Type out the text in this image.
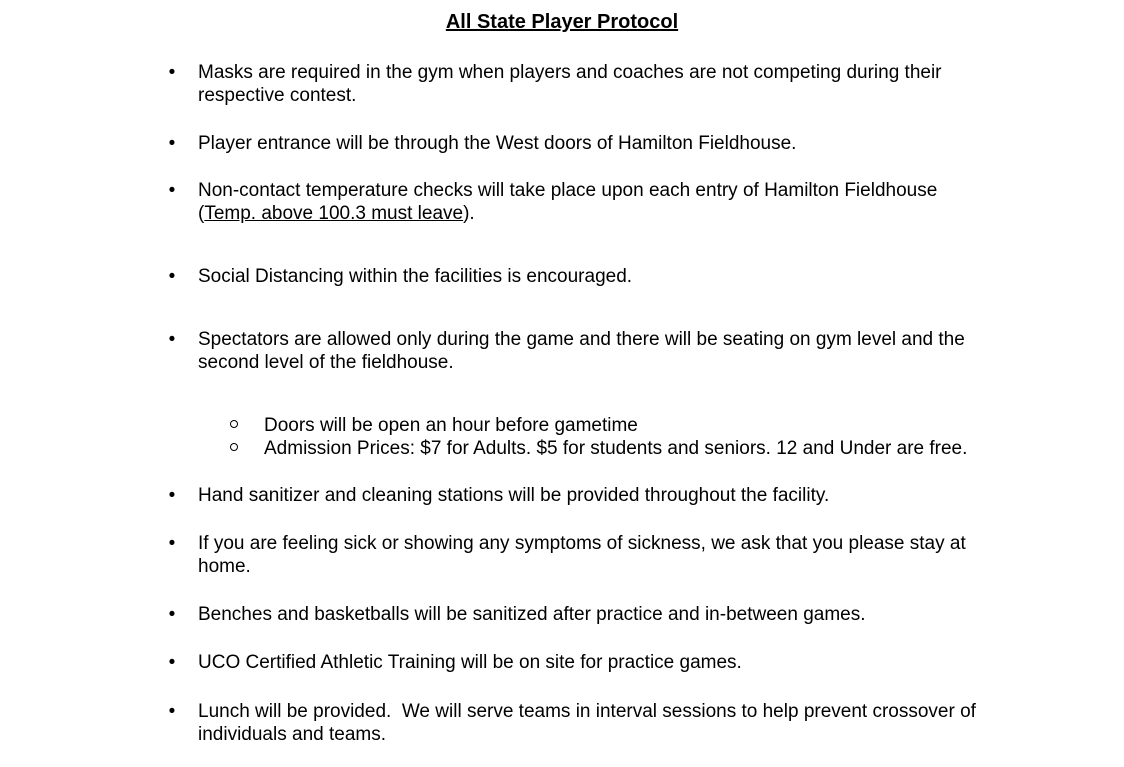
All State Player Protocol
• Masks are required in the gym when players and coaches are not competing during their respective contest.
• Player entrance will be through the West doors of Hamilton Fieldhouse.
• Non-contact temperature checks will take place upon each entry of Hamilton Fieldhouse (Temp. above 100.3 must leave).
• Social Distancing within the facilities is encouraged.
• Spectators are allowed only during the game and there will be seating on gym level and the second level of the fieldhouse.
Doors will be open an hour before gametime
Admission Prices: $7 for Adults. $5 for students and seniors. 12 and Under are free.
• Hand sanitizer and cleaning stations will be provided throughout the facility.
• If you are feeling sick or showing any symptoms of sickness, we ask that you please stay at home.
• Benches and basketballs will be sanitized after practice and in-between games.
• UCO Certified Athletic Training will be on site for practice games.
• Lunch will be provided.  We will serve teams in interval sessions to help prevent crossover of individuals and teams.
